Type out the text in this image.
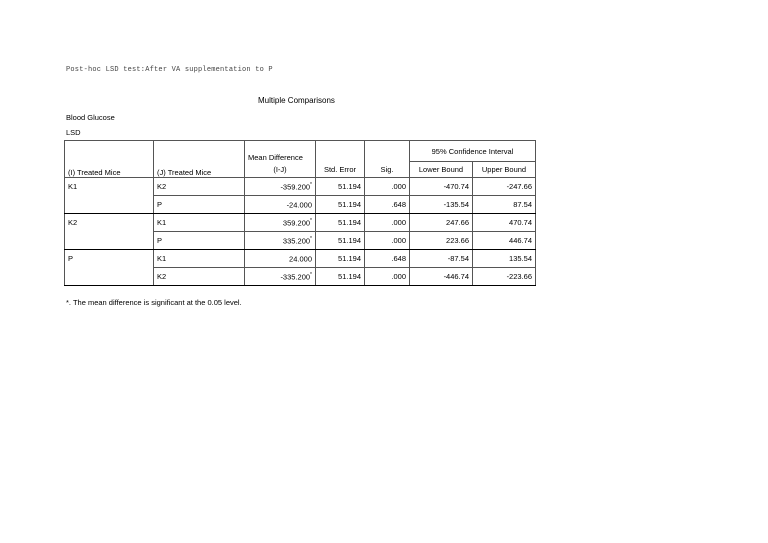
Post-hoc LSD test:After VA supplementation to P
Multiple Comparisons
Blood Glucose
LSD
(I) Treated Mice	(J) Treated Mice	Mean Difference			95% Confidence Interval	
		(I-J)	Std. Error	Sig.	Lower Bound	Upper Bound
K1	K2	-359.200*	51.194	.000	-470.74	-247.66
	P	-24.000	51.194	.648	-135.54	87.54
K2	K1	359.200*	51.194	.000	247.66	470.74
	P	335.200*	51.194	.000	223.66	446.74
P	K1	24.000	51.194	.648	-87.54	135.54
	K2	-335.200*	51.194	.000	-446.74	-223.66
*. The mean difference is significant at the 0.05 level.
